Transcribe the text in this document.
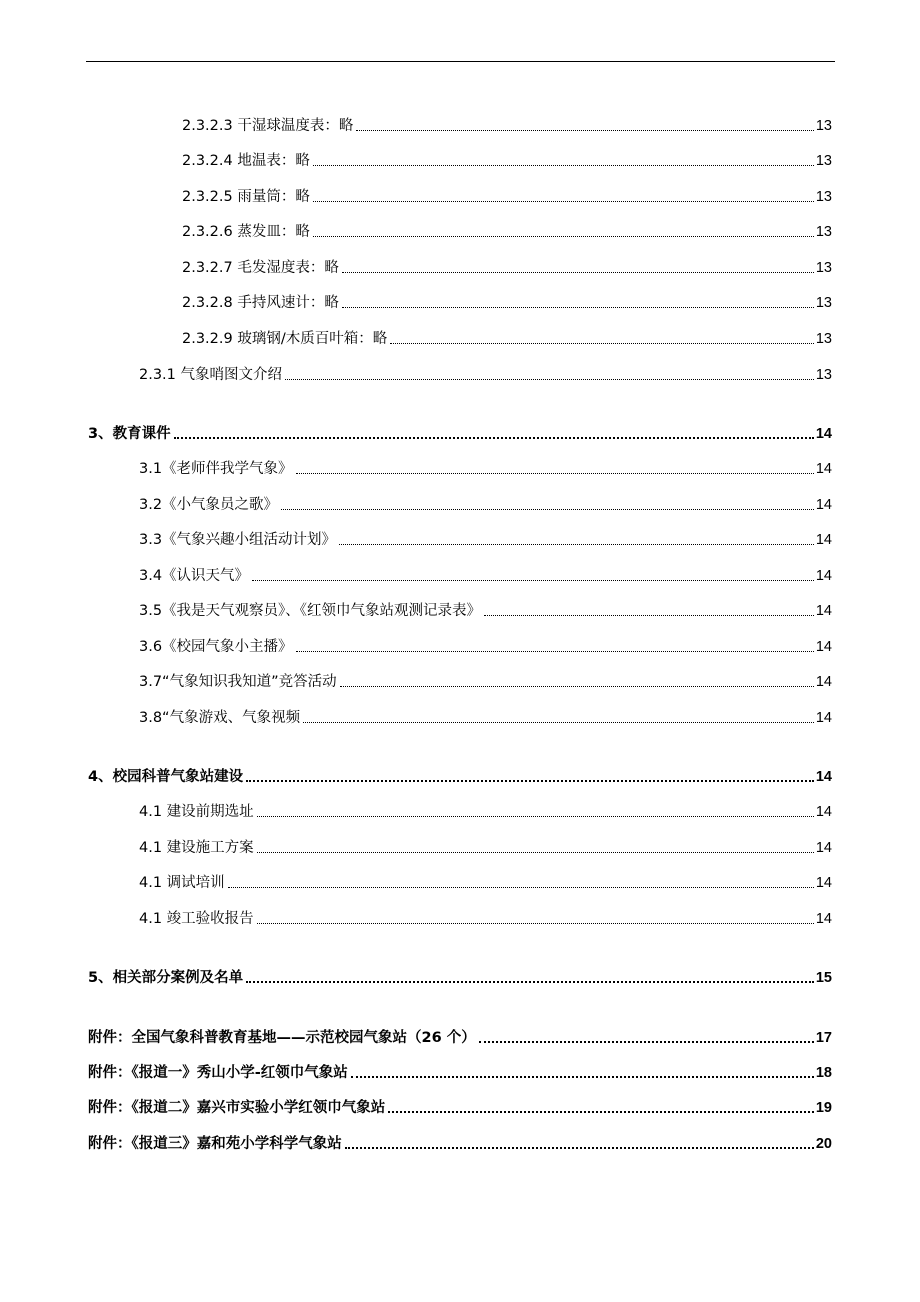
2.3.2.3 干湿球温度表：略	13
2.3.2.4 地温表：略	13
2.3.2.5 雨量筒：略	13
2.3.2.6 蒸发皿：略	13
2.3.2.7 毛发湿度表：略	13
2.3.2.8 手持风速计：略	13
2.3.2.9 玻璃钢/木质百叶箱：略	13
2.3.1 气象哨图文介绍	13
3、教育课件	14
3.1《老师伴我学气象》	14
3.2《小气象员之歌》	14
3.3《气象兴趣小组活动计划》	14
3.4《认识天气》	14
3.5《我是天气观察员》、《红领巾气象站观测记录表》	14
3.6《校园气象小主播》	14
3.7“气象知识我知道”竞答活动	14
3.8“气象游戏、气象视频	14
4、校园科普气象站建设	14
4.1 建设前期选址	14
4.1 建设施工方案	14
4.1 调试培训	14
4.1 竣工验收报告	14
5、相关部分案例及名单	15
附件：全国气象科普教育基地——示范校园气象站（26 个）	17
附件：《报道一》秀山小学-红领巾气象站	18
附件：《报道二》嘉兴市实验小学红领巾气象站	19
附件：《报道三》嘉和苑小学科学气象站	20
